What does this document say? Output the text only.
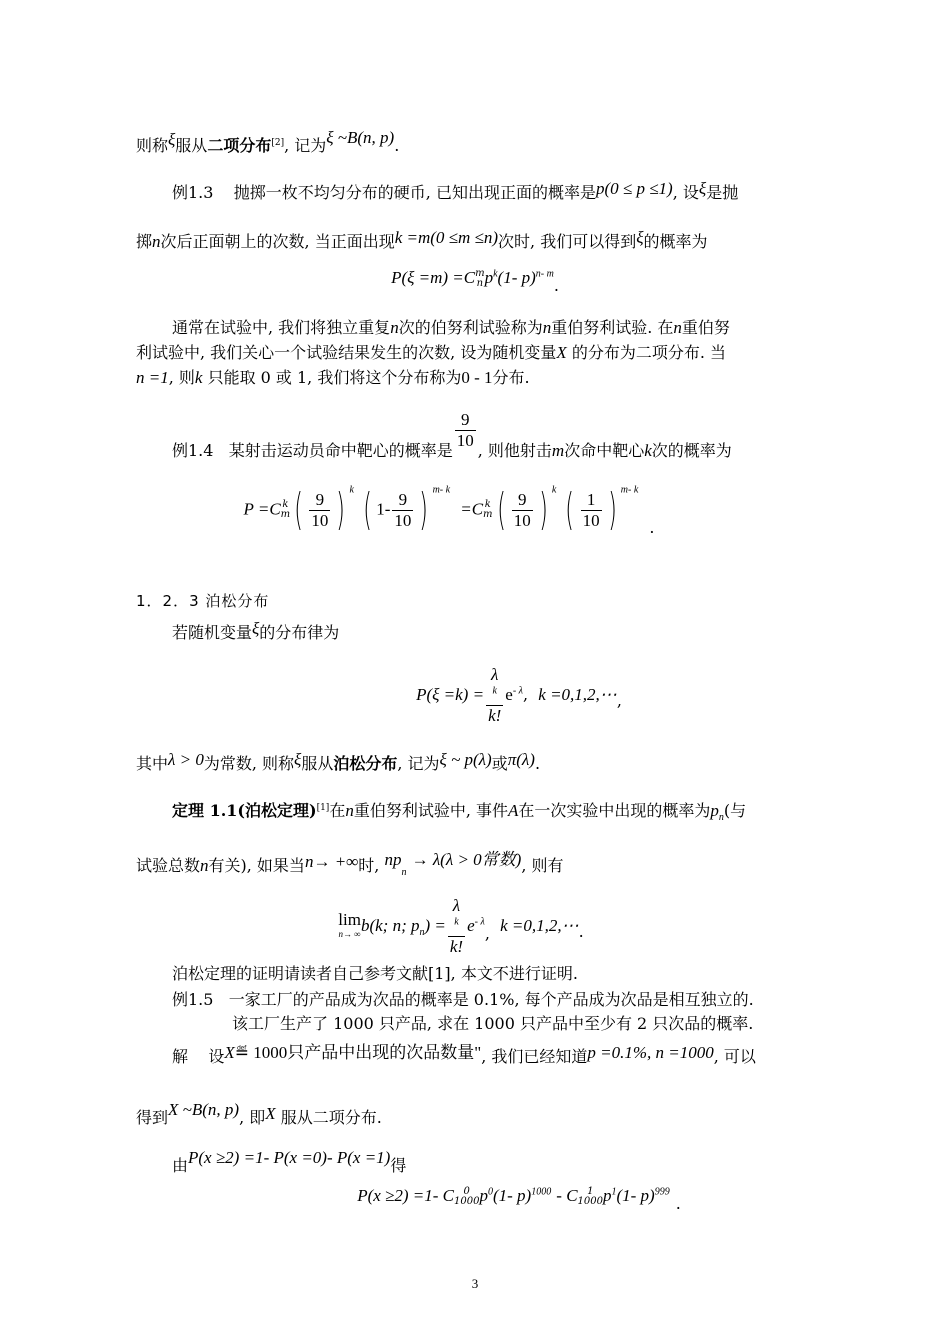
则称ξ服从二项分布[2], 记为ξ ~B(n, p).
例1.3 抛掷一枚不均匀分布的硬币, 已知出现正面的概率是p(0 ≤ p ≤1), 设ξ是抛
掷n次后正面朝上的次数, 当正面出现k =m(0 ≤m ≤n)次时, 我们可以得到ξ的概率为
P(ξ =m) =C m
n $p^k(1-$ p)$^{n- m}$.
通常在试验中, 我们将独立重复n次的伯努利试验称为n重伯努利试验. 在n重伯努
利试验中, 我们关心一个试验结果发生的次数, 设为随机变量X 的分布为二项分布. 当
n =1, 则k 只能取 0 或 1, 我们将这个分布称为0 - 1分布.
例1.4 某射击运动员命中靶心的概率是 $\frac{9}{10}$ , 则他射击m次命中靶心k次的概率为
P =C k
m ( $\frac{9}{10}$ ) $^k$ ( $1- \frac{9}{10}$ ) $^{m- k}$  =C k
m ( $\frac{9}{10}$ ) $^k$ ( $\frac{1}{10}$ ) $^{m- k}$ .
1．2．3 泊松分布
若随机变量ξ的分布律为
P(ξ =k) = λ
$^k$
k! $e^{- \lambda}$, k =0,1,2,⋯,
其中λ > 0为常数, 则称ξ服从泊松分布, 记为ξ ~ p(λ)或π(λ).
定理 1.1(泊松定理)[1]在n重伯努利试验中, 事件A在一次实验中出现的概率为$p_n$(与
试验总数n有关), 如果当n→ +∞时, $np_n \to \lambda(\lambda > 0$常数), 则有
lim
n→ ∞ b(k; n; $p_n) = \lambda$
$^k$
k! $e^{- \lambda}$, k =0,1,2,⋯.
泊松定理的证明请读者自己参考文献[1], 本文不进行证明.
例1.5 一家工厂的产品成为次品的概率是 0.1%, 每个产品成为次品是相互独立的.
该工厂生产了 1000 只产品, 求在 1000 只产品中至少有 2 只次品的概率.
解 设X≝ 1000只产品中出现的次品数量", 我们已经知道p =0.1%, n =1000, 可以
得到X ~B(n, p), 即X 服从二项分布.
由P(x ≥2) =1- P(x =0)- P(x =1)得
P(x ≥2) =1- C 0
1000 $p^0(1-$ p)$^{1000}$ - C 1
1000 $p^1(1-$ p)$^{999}$.
3
